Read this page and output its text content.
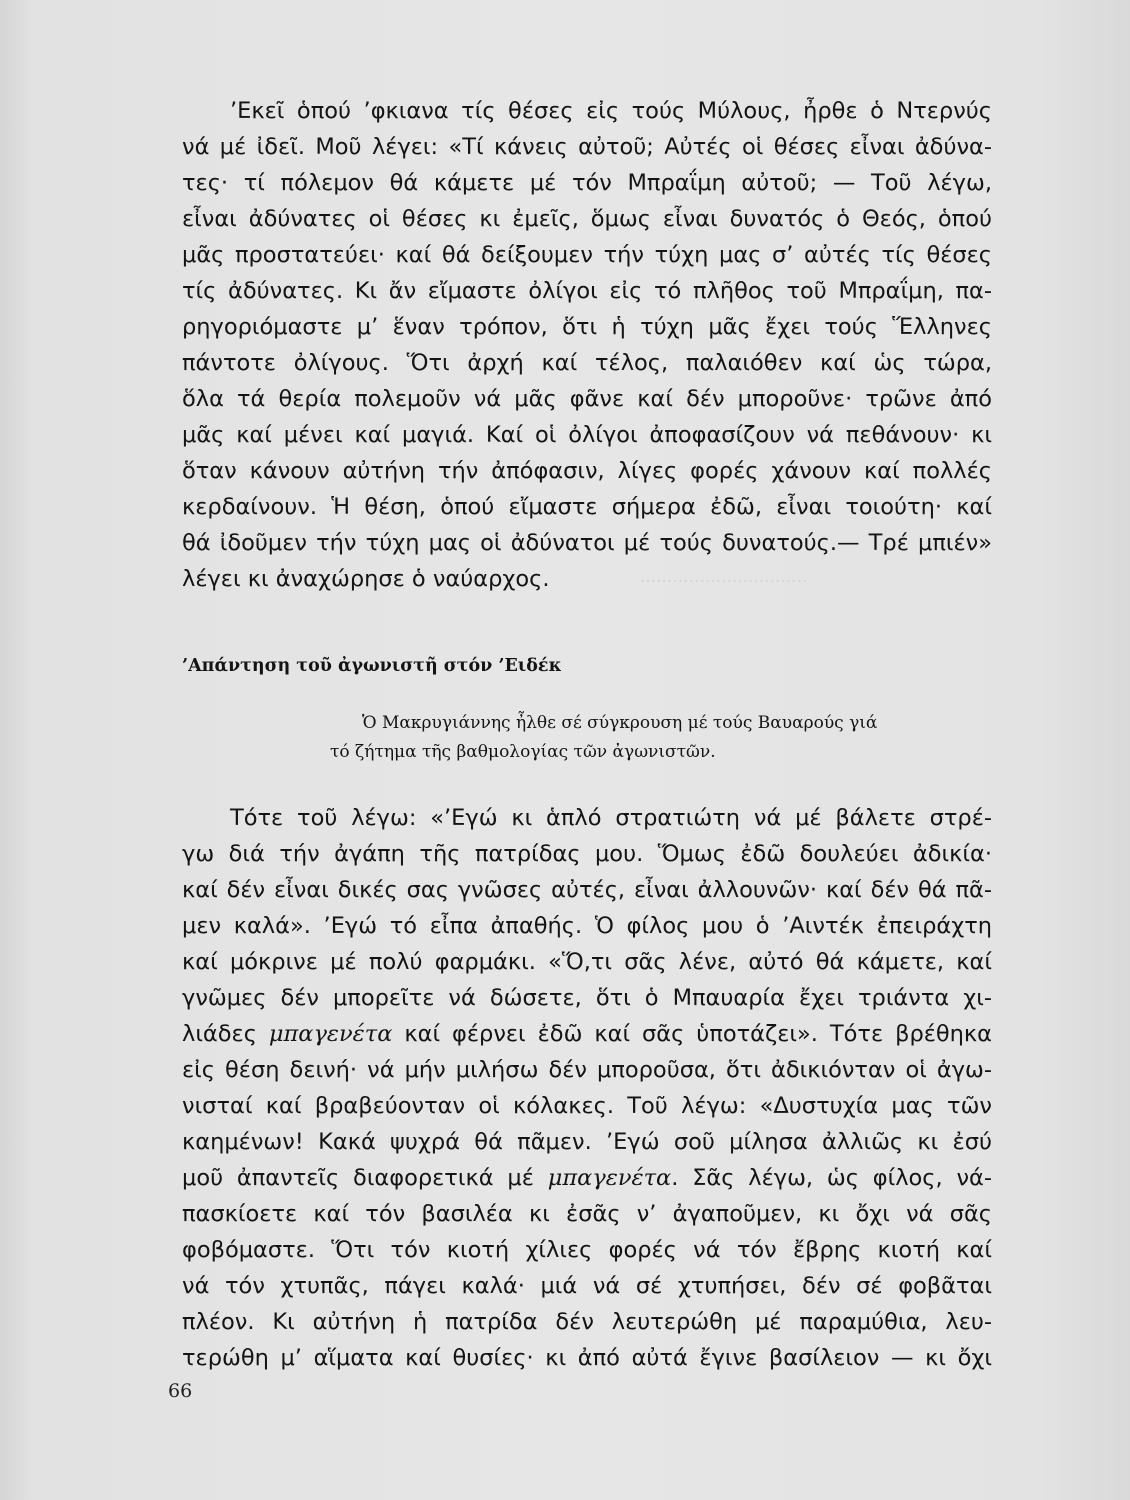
·······························
’Εκεῖ ὁπού ’φκιανα τίς θέσες εἰς τούς Μύλους, ἦρθε ὁ Ντερνύς
νά μέ ἰδεῖ. Μοῦ λέγει: «Τί κάνεις αὐτοῦ; Αὐτές οἱ θέσες εἶναι ἀδύνα-
τες· τί πόλεμον θά κάμετε μέ τόν Μπραΐμη αὐτοῦ; — Τοῦ λέγω,
εἶναι ἀδύνατες οἱ θέσες κι ἐμεῖς, ὅμως εἶναι δυνατός ὁ Θεός, ὁπού
μᾶς προστατεύει· καί θά δείξουμεν τήν τύχη μας σ’ αὐτές τίς θέσες
τίς ἀδύνατες. Κι ἄν εἴμαστε ὀλίγοι εἰς τό πλῆθος τοῦ Μπραΐμη, πα-
ρηγοριόμαστε μ’ ἕναν τρόπον, ὅτι ἡ τύχη μᾶς ἔχει τούς Ἕλληνες
πάντοτε ὀλίγους. Ὅτι ἀρχή καί τέλος, παλαιόθεν καί ὡς τώρα,
ὅλα τά θερία πολεμοῦν νά μᾶς φᾶνε καί δέν μποροῦνε· τρῶνε ἀπό
μᾶς καί μένει καί μαγιά. Καί οἱ ὀλίγοι ἀποφασίζουν νά πεθάνουν· κι
ὅταν κάνουν αὐτήνη τήν ἀπόφασιν, λίγες φορές χάνουν καί πολλές
κερδαίνουν. Ἡ θέση, ὁπού εἴμαστε σήμερα ἐδῶ, εἶναι τοιούτη· καί
θά ἰδοῦμεν τήν τύχη μας οἱ ἀδύνατοι μέ τούς δυνατούς.— Τρέ μπιέν»
λέγει κι ἀναχώρησε ὁ ναύαρχος.
’Απάντηση τοῦ ἀγωνιστῆ στόν ’Ειδέκ
Ὁ Μακρυγιάννης ἦλθε σέ σύγκρουση μέ τούς Βαυαρούς γιά
τό ζήτημα τῆς βαθμολογίας τῶν ἀγωνιστῶν.
Τότε τοῦ λέγω: «’Εγώ κι ἁπλό στρατιώτη νά μέ βάλετε στρέ-
γω διά τήν ἀγάπη τῆς πατρίδας μου. Ὅμως ἐδῶ δουλεύει ἀδικία·
καί δέν εἶναι δικές σας γνῶσες αὐτές, εἶναι ἀλλουνῶν· καί δέν θά πᾶ-
μεν καλά». ’Εγώ τό εἶπα ἀπαθής. Ὁ φίλος μου ὁ ’Αιντέκ ἐπειράχτη
καί μόκρινε μέ πολύ φαρμάκι. «Ὅ,τι σᾶς λένε, αὐτό θά κάμετε, καί
γνῶμες δέν μπορεῖτε νά δώσετε, ὅτι ὁ Μπαυαρία ἔχει τριάντα χι-
λιάδες μπαγενέτα καί φέρνει ἐδῶ καί σᾶς ὑποτάζει». Τότε βρέθηκα
εἰς θέση δεινή· νά μήν μιλήσω δέν μποροῦσα, ὅτι ἀδικιόνταν οἱ ἀγω-
νισταί καί βραβεύονταν οἱ κόλακες. Τοῦ λέγω: «Δυστυχία μας τῶν
καημένων! Κακά ψυχρά θά πᾶμεν. ’Εγώ σοῦ μίλησα ἀλλιῶς κι ἐσύ
μοῦ ἀπαντεῖς διαφορετικά μέ μπαγενέτα. Σᾶς λέγω, ὡς φίλος, νά-
πασκίοετε καί τόν βασιλέα κι ἐσᾶς ν’ ἀγαποῦμεν, κι ὄχι νά σᾶς
φοβόμαστε. Ὅτι τόν κιοτή χίλιες φορές νά τόν ἔβρης κιοτή καί
νά τόν χτυπᾶς, πάγει καλά· μιά νά σέ χτυπήσει, δέν σέ φοβᾶται
πλέον. Κι αὐτήνη ἡ πατρίδα δέν λευτερώθη μέ παραμύθια, λευ-
τερώθη μ’ αἵματα καί θυσίες· κι ἀπό αὐτά ἔγινε βασίλειον — κι ὄχι
66
